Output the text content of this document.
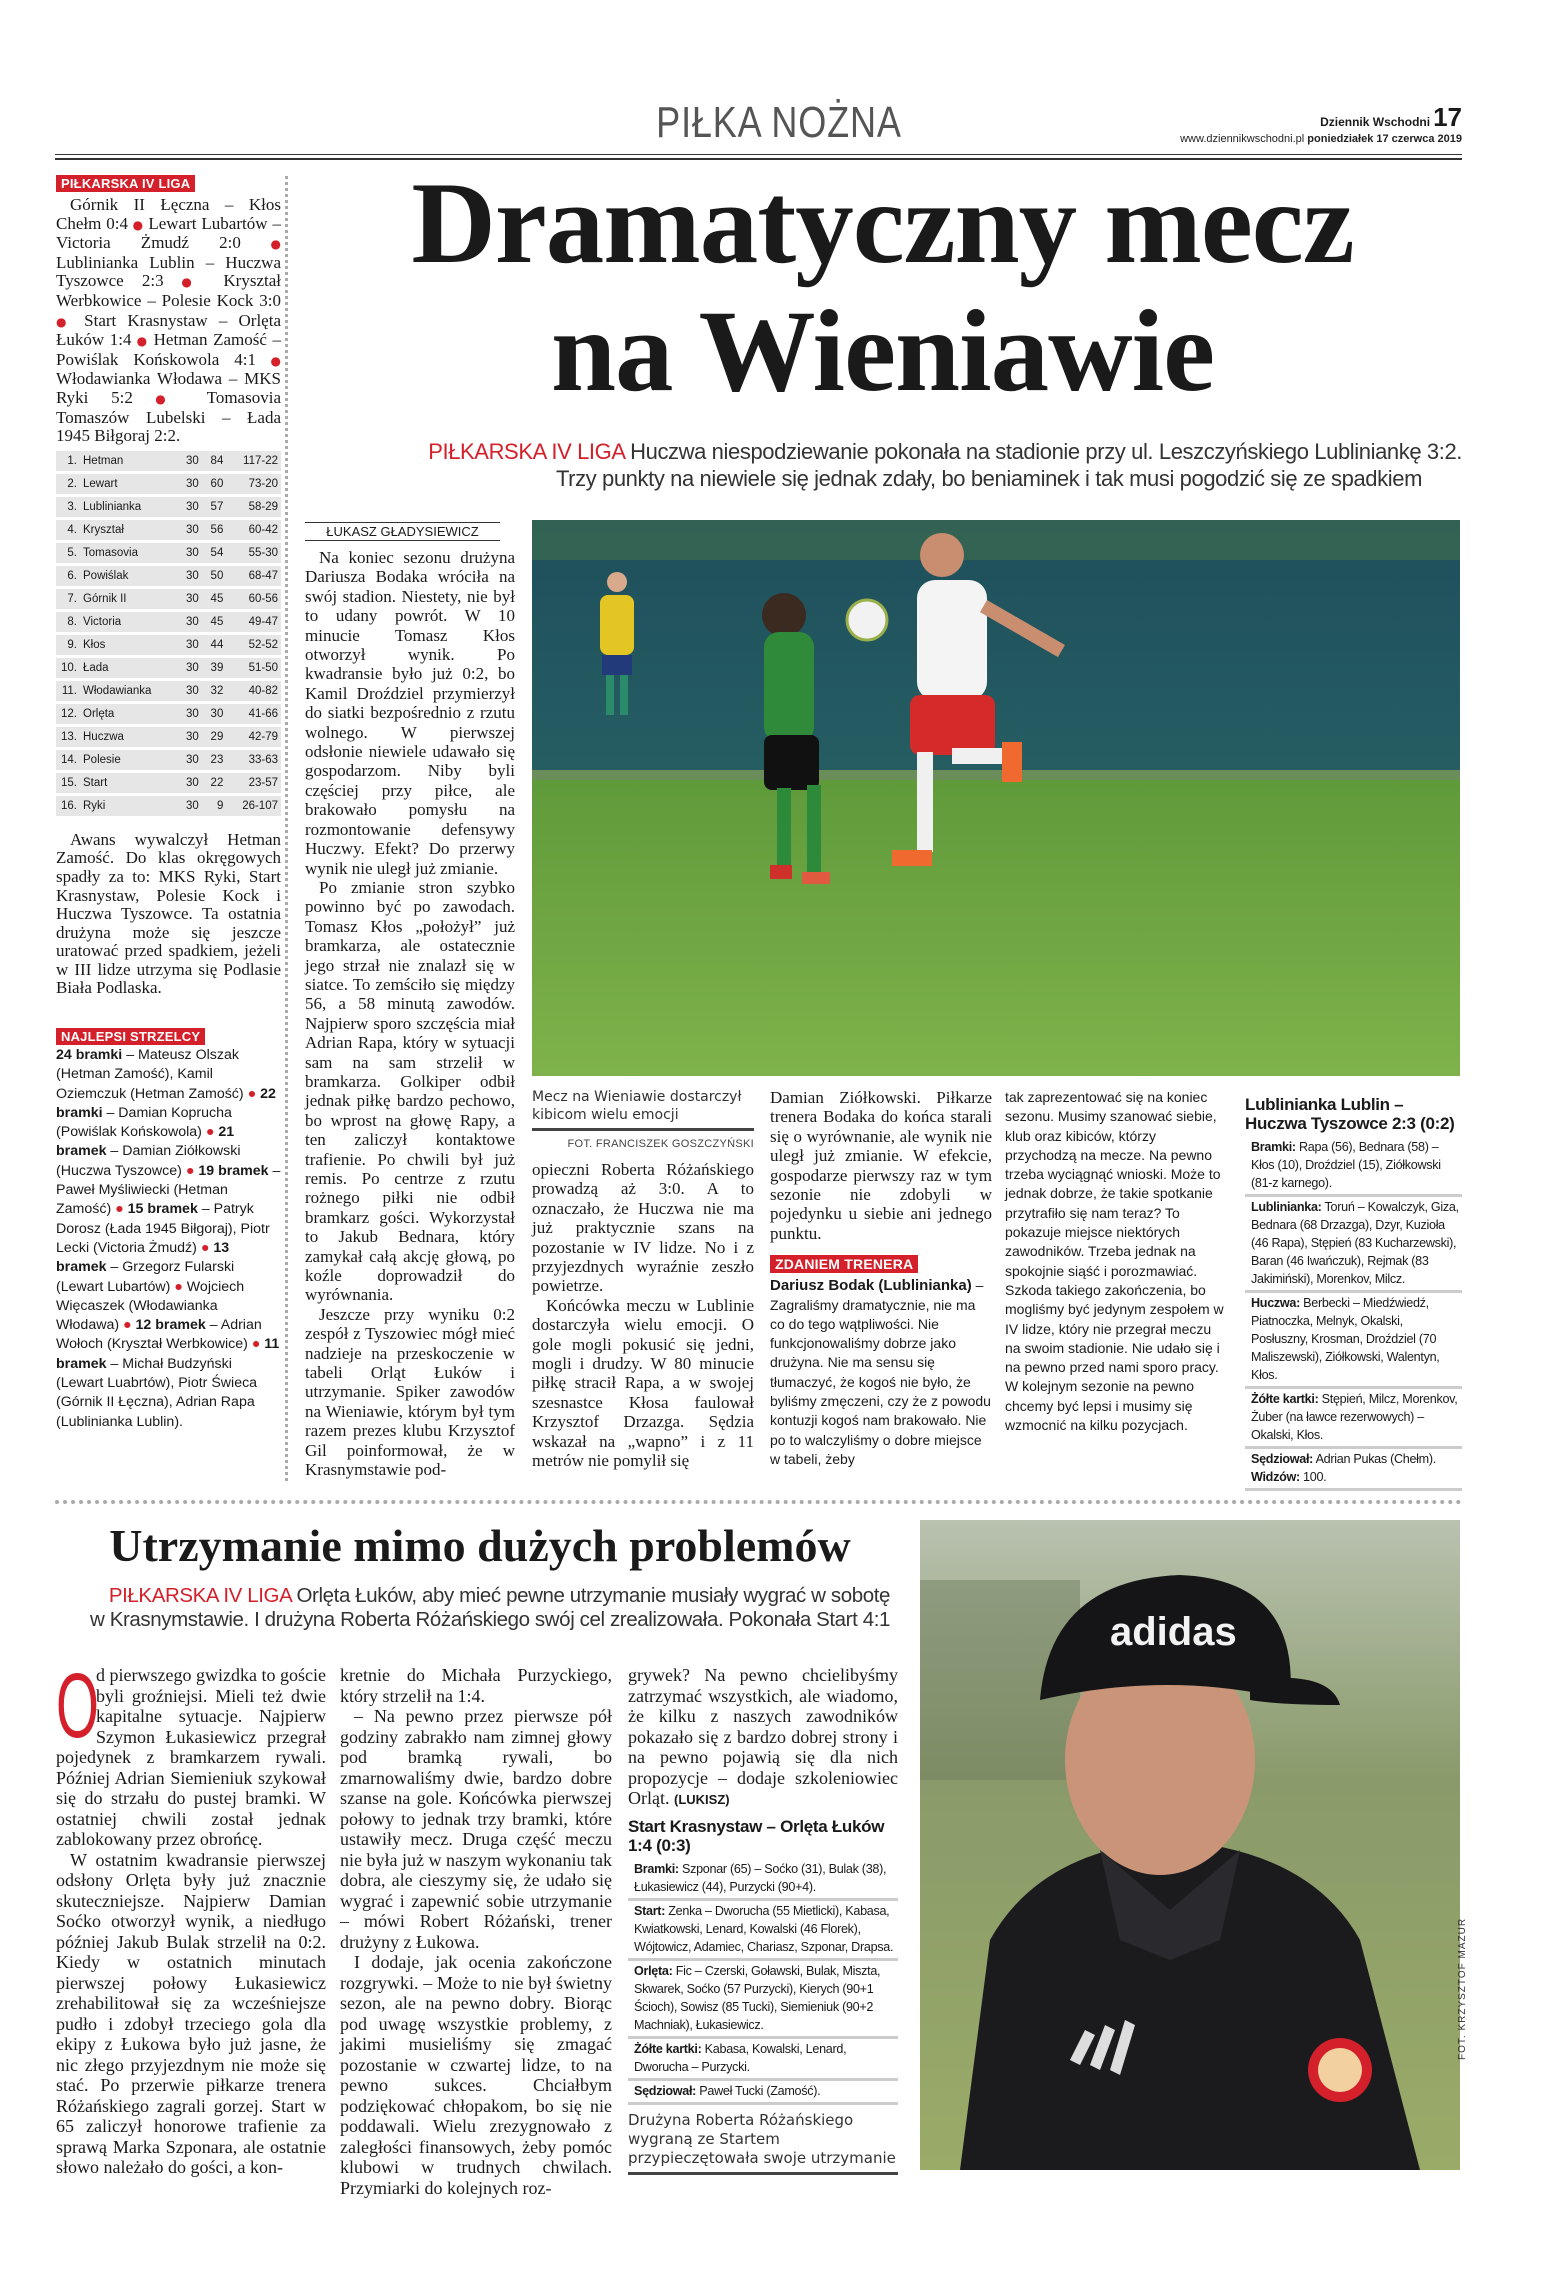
PIŁKA NOŻNA	Dziennik Wschodni 17
www.dziennikwschodni.pl poniedziałek 17 czerwca 2019
PIŁKARSKA IV LIGA
Górnik II Łęczna – Kłos Chełm 0:4 ● Lewart Lubartów – Victoria Żmudź 2:0 ● Lublinianka Lublin – Huczwa Tyszowce 2:3 ● Kryształ Werbkowice – Polesie Kock 3:0 ● Start Krasnystaw – Orlęta Łuków 1:4 ● Hetman Zamość – Powiślak Końskowola 4:1 ● Włodawianka Włodawa – MKS Ryki 5:2 ● Tomasovia Tomaszów Lubelski – Łada 1945 Biłgoraj 2:2.
1.	Hetman	30	84	117-22
2.	Lewart	30	60	73-20
3.	Lublinianka	30	57	58-29
4.	Kryształ	30	56	60-42
5.	Tomasovia	30	54	55-30
6.	Powiślak	30	50	68-47
7.	Górnik II	30	45	60-56
8.	Victoria	30	45	49-47
9.	Kłos	30	44	52-52
10.	Łada	30	39	51-50
11.	Włodawianka	30	32	40-82
12.	Orlęta	30	30	41-66
13.	Huczwa	30	29	42-79
14.	Polesie	30	23	33-63
15.	Start	30	22	23-57
16.	Ryki	30	9	26-107
Awans wywalczył Hetman Zamość. Do klas okręgowych spadły za to: MKS Ryki, Start Krasnystaw, Polesie Kock i Huczwa Tyszowce. Ta ostatnia drużyna może się jeszcze uratować przed spadkiem, jeżeli w III lidze utrzyma się Podlasie Biała Podlaska.
NAJLEPSI STRZELCY
24 bramki – Mateusz Olszak (Hetman Zamość), Kamil Oziemczuk (Hetman Zamość) ● 22 bramki – Damian Koprucha (Powiślak Końskowola) ● 21 bramek – Damian Ziółkowski (Huczwa Tyszowce) ● 19 bramek – Paweł Myśliwiecki (Hetman Zamość) ● 15 bramek – Patryk Dorosz (Łada 1945 Biłgoraj), Piotr Lecki (Victoria Żmudź) ● 13 bramek – Grzegorz Fularski (Lewart Lubartów) ● Wojciech Więcaszek (Włodawianka Włodawa) ● 12 bramek – Adrian Wołoch (Kryształ Werbkowice) ● 11 bramek – Michał Budzyński (Lewart Luabrtów), Piotr Świeca (Górnik II Łęczna), Adrian Rapa (Lublinianka Lublin).
Dramatyczny mecz
na Wieniawie
PIŁKARSKA IV LIGA Huczwa niespodziewanie pokonała na stadionie przy ul. Leszczyńskiego Lubliniankę 3:2.
Trzy punkty na niewiele się jednak zdały, bo beniaminek i tak musi pogodzić się ze spadkiem
ŁUKASZ GŁADYSIEWICZ

Na koniec sezonu drużyna Dariusza Bodaka wróciła na swój stadion. Niestety, nie był to udany powrót. W 10 minucie Tomasz Kłos otworzył wynik. Po kwadransie było już 0:2, bo Kamil Droździel przymierzył do siatki bezpośrednio z rzutu wolnego. W pierwszej odsłonie niewiele udawało się gospodarzom. Niby byli częściej przy piłce, ale brakowało pomysłu na rozmontowanie defensywy Huczwy. Efekt? Do przerwy wynik nie uległ już zmianie.

Po zmianie stron szybko powinno być po zawodach. Tomasz Kłos „położył” już bramkarza, ale ostatecznie jego strzał nie znalazł się w siatce. To zemściło się między 56, a 58 minutą zawodów. Najpierw sporo szczęścia miał Adrian Rapa, który w sytuacji sam na sam strzelił w bramkarza. Golkiper odbił jednak piłkę bardzo pechowo, bo wprost na głowę Rapy, a ten zaliczył kontaktowe trafienie. Po chwili był już remis. Po centrze z rzutu rożnego piłki nie odbił bramkarz gości. Wykorzystał to Jakub Bednara, który zamykał całą akcję głową, po koźle doprowadził do wyrównania.

Jeszcze przy wyniku 0:2 zespół z Tyszowiec mógł mieć nadzieje na przeskoczenie w tabeli Orląt Łuków i utrzymanie. Spiker zawodów na Wieniawie, którym był tym razem prezes klubu Krzysztof Gil poinformował, że w Krasnymstawie pod-

Mecz na Wieniawie dostarczył kibicom wielu emocji
FOT. FRANCISZEK GOSZCZYŃSKI

opieczni Roberta Różańskiego prowadzą aż 3:0. A to oznaczało, że Huczwa nie ma już praktycznie szans na pozostanie w IV lidze. No i z przyjezdnych wyraźnie zeszło powietrze.

Końcówka meczu w Lublinie dostarczyła wielu emocji. O gole mogli pokusić się jedni, mogli i drudzy. W 80 minucie piłkę stracił Rapa, a w swojej szesnastce Kłosa faulował Krzysztof Drzazga. Sędzia wskazał na „wapno” i z 11 metrów nie pomylił się

Damian Ziółkowski. Piłkarze trenera Bodaka do końca starali się o wyrównanie, ale wynik nie uległ już zmianie. W efekcie, gospodarze pierwszy raz w tym sezonie nie zdobyli w pojedynku u siebie ani jednego punktu.

ZDANIEM TRENERA
Dariusz Bodak (Lublinianka) – Zagraliśmy dramatycznie, nie ma co do tego wątpliwości. Nie funkcjonowaliśmy dobrze jako drużyna. Nie ma sensu się tłumaczyć, że kogoś nie było, że byliśmy zmęczeni, czy że z powodu kontuzji kogoś nam brakowało. Nie po to walczyliśmy o dobre miejsce w tabeli, żeby

tak zaprezentować się na koniec sezonu. Musimy szanować siebie, klub oraz kibiców, którzy przychodzą na mecze. Na pewno trzeba wyciągnąć wnioski. Może to jednak dobrze, że takie spotkanie przytrafiło się nam teraz? To pokazuje miejsce niektórych zawodników. Trzeba jednak na spokojnie siąść i porozmawiać. Szkoda takiego zakończenia, bo mogliśmy być jedynym zespołem w IV lidze, który nie przegrał meczu na swoim stadionie. Nie udało się i na pewno przed nami sporo pracy. W kolejnym sezonie na pewno chcemy być lepsi i musimy się wzmocnić na kilku pozycjach.

Lublinianka Lublin – Huczwa Tyszowce 2:3 (0:2)
Bramki: Rapa (56), Bednara (58) – Kłos (10), Droździel (15), Ziółkowski (81-z karnego).
Lublinianka: Toruń – Kowalczyk, Giza, Bednara (68 Drzazga), Dzyr, Kuzioła (46 Rapa), Stępień (83 Kucharzewski), Baran (46 Iwańczuk), Rejmak (83 Jakimiński), Morenkov, Milcz.
Huczwa: Berbecki – Miedźwiedź, Piatnoczka, Melnyk, Okalski, Posłuszny, Krosman, Droździel (70 Maliszewski), Ziółkowski, Walentyn, Kłos.
Żółte kartki: Stępień, Milcz, Morenkov, Żuber (na ławce rezerwowych) – Okalski, Kłos.
Sędziował: Adrian Pukas (Chełm). Widzów: 100.
Utrzymanie mimo dużych problemów
PIŁKARSKA IV LIGA Orlęta Łuków, aby mieć pewne utrzymanie musiały wygrać w sobotę
w Krasnymstawie. I drużyna Roberta Różańskiego swój cel zrealizowała. Pokonała Start 4:1

O
d pierwszego gwizdka to goście byli groźniejsi. Mieli też dwie kapitalne sytuacje. Najpierw Szymon Łukasiewicz przegrał pojedynek z bramkarzem rywali. Później Adrian Siemieniuk szykował się do strzału do pustej bramki. W ostatniej chwili został jednak zablokowany przez obrońcę.

W ostatnim kwadransie pierwszej odsłony Orlęta były już znacznie skuteczniejsze. Najpierw Damian Soćko otworzył wynik, a niedługo później Jakub Bulak strzelił na 0:2. Kiedy w ostatnich minutach pierwszej połowy Łukasiewicz zrehabilitował się za wcześniejsze pudło i zdobył trzeciego gola dla ekipy z Łukowa było już jasne, że nic złego przyjezdnym nie może się stać. Po przerwie piłkarze trenera Różańskiego zagrali gorzej. Start w 65 zaliczył honorowe trafienie za sprawą Marka Szponara, ale ostatnie słowo należało do gości, a kon-

kretnie do Michała Purzyckiego, który strzelił na 1:4.

– Na pewno przez pierwsze pół godziny zabrakło nam zimnej głowy pod bramką rywali, bo zmarnowaliśmy dwie, bardzo dobre szanse na gole. Końcówka pierwszej połowy to jednak trzy bramki, które ustawiły mecz. Druga część meczu nie była już w naszym wykonaniu tak dobra, ale cieszymy się, że udało się wygrać i zapewnić sobie utrzymanie – mówi Robert Różański, trener drużyny z Łukowa.

I dodaje, jak ocenia zakończone rozgrywki. – Może to nie był świetny sezon, ale na pewno dobry. Biorąc pod uwagę wszystkie problemy, z jakimi musieliśmy się zmagać pozostanie w czwartej lidze, to na pewno sukces. Chciałbym podziękować chłopakom, bo się nie poddawali. Wielu zrezygnowało z zaległości finansowych, żeby pomóc klubowi w trudnych chwilach. Przymiarki do kolejnych roz-

grywek? Na pewno chcielibyśmy zatrzymać wszystkich, ale wiadomo, że kilku z naszych zawodników pokazało się z bardzo dobrej strony i na pewno pojawią się dla nich propozycje – dodaje szkoleniowiec Orląt. (LUKISZ)

Start Krasnystaw – Orlęta Łuków 1:4 (0:3)
Bramki: Szponar (65) – Soćko (31), Bulak (38), Łukasiewicz (44), Purzycki (90+4).
Start: Zenka – Dworucha (55 Mietlicki), Kabasa, Kwiatkowski, Lenard, Kowalski (46 Florek), Wójtowicz, Adamiec, Chariasz, Szponar, Drapsa.
Orlęta: Fic – Czerski, Goławski, Bulak, Miszta, Skwarek, Soćko (57 Purzycki), Kierych (90+1 Ścioch), Sowisz (85 Tucki), Siemieniuk (90+2 Machniak), Łukasiewicz.
Żółte kartki: Kabasa, Kowalski, Lenard, Dworucha – Purzycki.
Sędziował: Paweł Tucki (Zamość).
Drużyna Roberta Różańskiego wygraną ze Startem przypieczętowała swoje utrzymanie
adidas
FOT. KRZYSZTOF MAZUR
